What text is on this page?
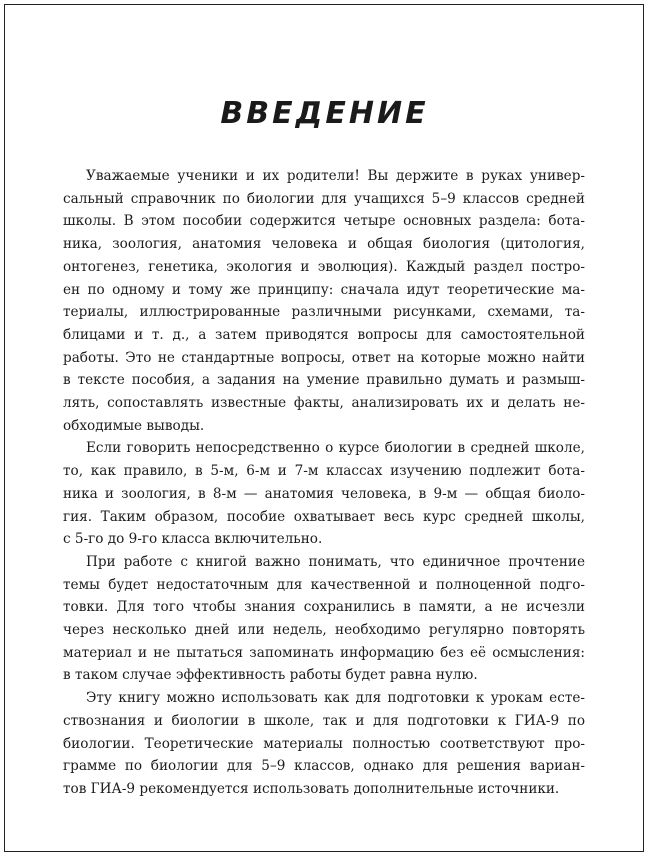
ВВЕДЕНИЕ

Уважаемые ученики и их родители! Вы держите в руках универ-
сальный справочник по биологии для учащихся 5–9 классов средней
школы. В этом пособии содержится четыре основных раздела: бота-
ника, зоология, анатомия человека и общая биология (цитология,
онтогенез, генетика, экология и эволюция). Каждый раздел постро-
ен по одному и тому же принципу: сначала идут теоретические ма-
териалы, иллюстрированные различными рисунками, схемами, та-
блицами и т. д., а затем приводятся вопросы для самостоятельной
работы. Это не стандартные вопросы, ответ на которые можно найти
в тексте пособия, а задания на умение правильно думать и размыш-
лять, сопоставлять известные факты, анализировать их и делать не-
обходимые выводы.

Если говорить непосредственно о курсе биологии в средней школе,
то, как правило, в 5-м, 6-м и 7-м классах изучению подлежит бота-
ника и зоология, в 8-м — анатомия человека, в 9-м — общая биоло-
гия. Таким образом, пособие охватывает весь курс средней школы,
с 5-го до 9-го класса включительно.

При работе с книгой важно понимать, что единичное прочтение
темы будет недостаточным для качественной и полноценной подго-
товки. Для того чтобы знания сохранились в памяти, а не исчезли
через несколько дней или недель, необходимо регулярно повторять
материал и не пытаться запоминать информацию без её осмысления:
в таком случае эффективность работы будет равна нулю.

Эту книгу можно использовать как для подготовки к урокам есте-
ствознания и биологии в школе, так и для подготовки к ГИА-9 по
биологии. Теоретические материалы полностью соответствуют про-
грамме по биологии для 5–9 классов, однако для решения вариан-
тов ГИА-9 рекомендуется использовать дополнительные источники.
